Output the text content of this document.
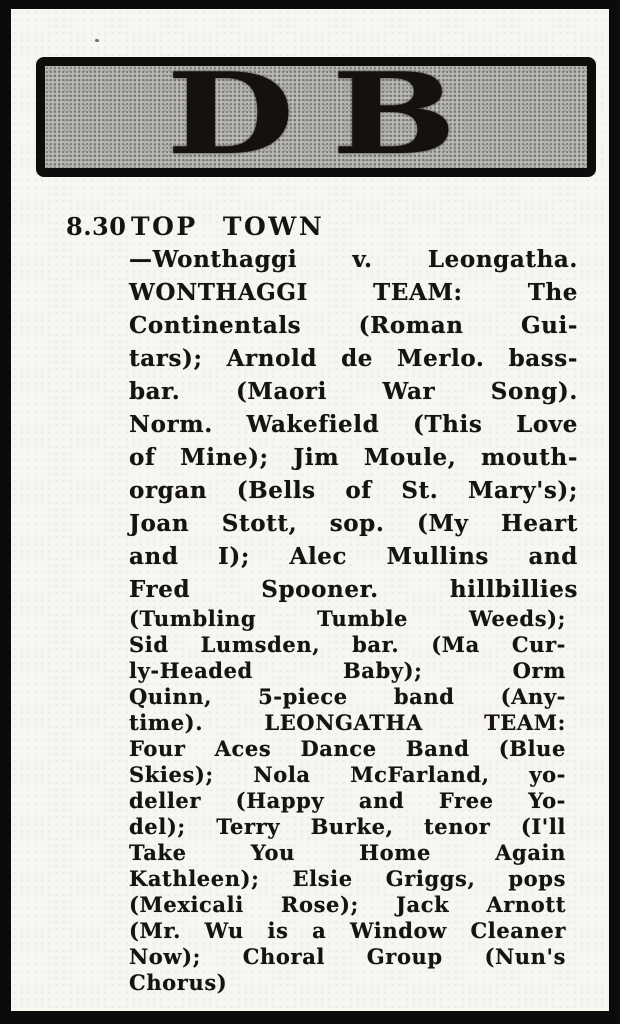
DB
8.30 TOP TOWN
—Wonthaggi v. Leongatha.
WONTHAGGI TEAM: The
Continentals (Roman Gui-
tars); Arnold de Merlo. bass-
bar. (Maori War Song).
Norm. Wakefield (This Love
of Mine); Jim Moule, mouth-
organ (Bells of St. Mary's);
Joan Stott, sop. (My Heart
and I); Alec Mullins and
Fred Spooner. hillbillies
(Tumbling Tumble Weeds);
Sid Lumsden, bar. (Ma Cur-
ly-Headed Baby); Orm
Quinn, 5-piece band (Any-
time). LEONGATHA TEAM:
Four Aces Dance Band (Blue
Skies); Nola McFarland, yo-
deller (Happy and Free Yo-
del); Terry Burke, tenor (I'll
Take You Home Again
Kathleen); Elsie Griggs, pops
(Mexicali Rose); Jack Arnott
(Mr. Wu is a Window Cleaner
Now); Choral Group (Nun's
Chorus)
